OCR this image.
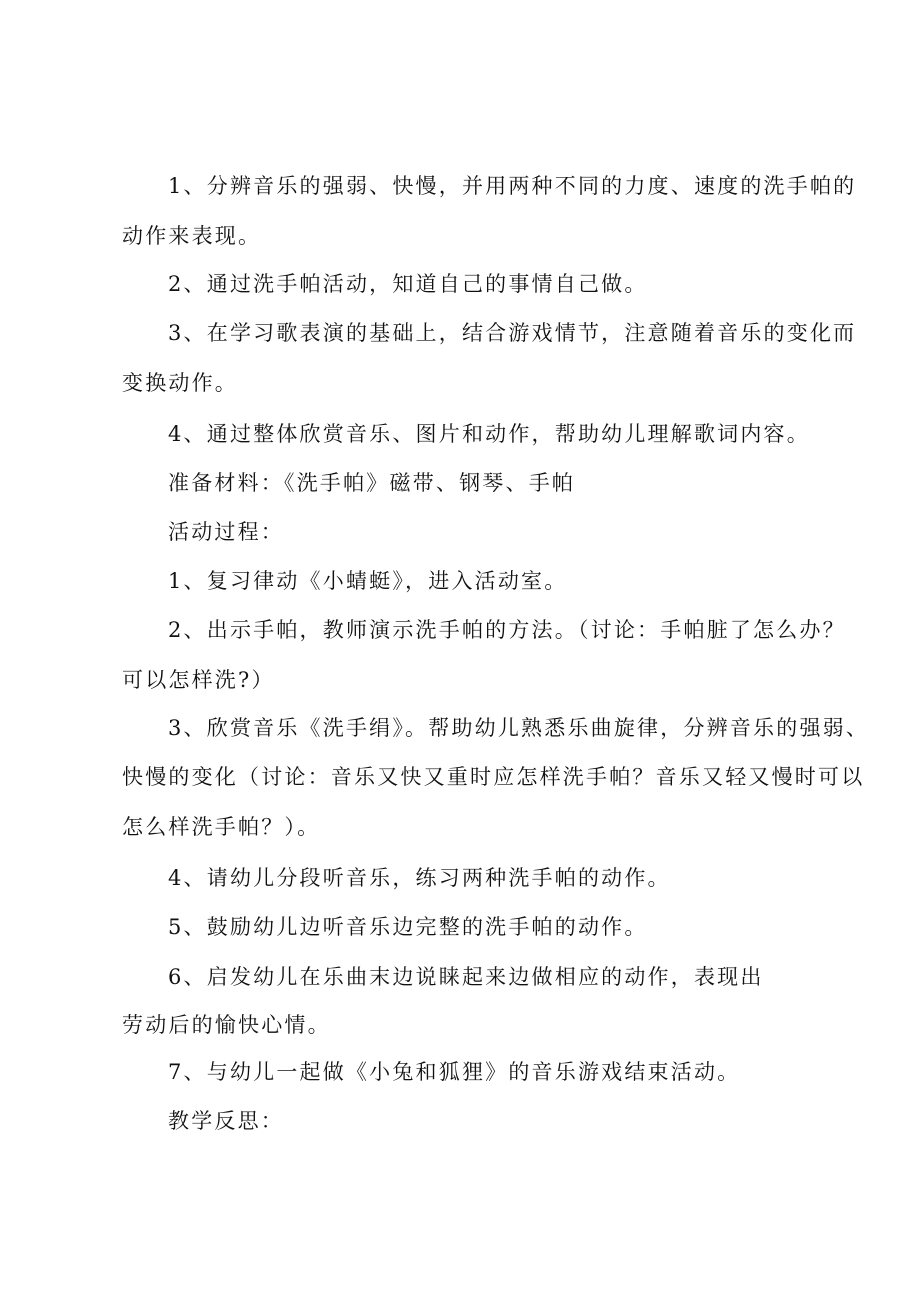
1、分辨音乐的强弱、快慢，并用两种不同的力度、速度的洗手帕的
动作来表现。
2、通过洗手帕活动，知道自己的事情自己做。
3、在学习歌表演的基础上，结合游戏情节，注意随着音乐的变化而
变换动作。
4、通过整体欣赏音乐、图片和动作，帮助幼儿理解歌词内容。
准备材料：《洗手帕》磁带、钢琴、手帕
活动过程：
1、复习律动《小蜻蜓》，进入活动室。
2、出示手帕，教师演示洗手帕的方法。（讨论：手帕脏了怎么办？
可以怎样洗?）
3、欣赏音乐《洗手绢》。帮助幼儿熟悉乐曲旋律，分辨音乐的强弱、
快慢的变化（讨论：音乐又快又重时应怎样洗手帕？音乐又轻又慢时可以
怎么样洗手帕？）。
4、请幼儿分段听音乐，练习两种洗手帕的动作。
5、鼓励幼儿边听音乐边完整的洗手帕的动作。
6、启发幼儿在乐曲末边说睐起来边做相应的动作，表现出
劳动后的愉快心情。
7、与幼儿一起做《小兔和狐狸》的音乐游戏结束活动。
教学反思：
